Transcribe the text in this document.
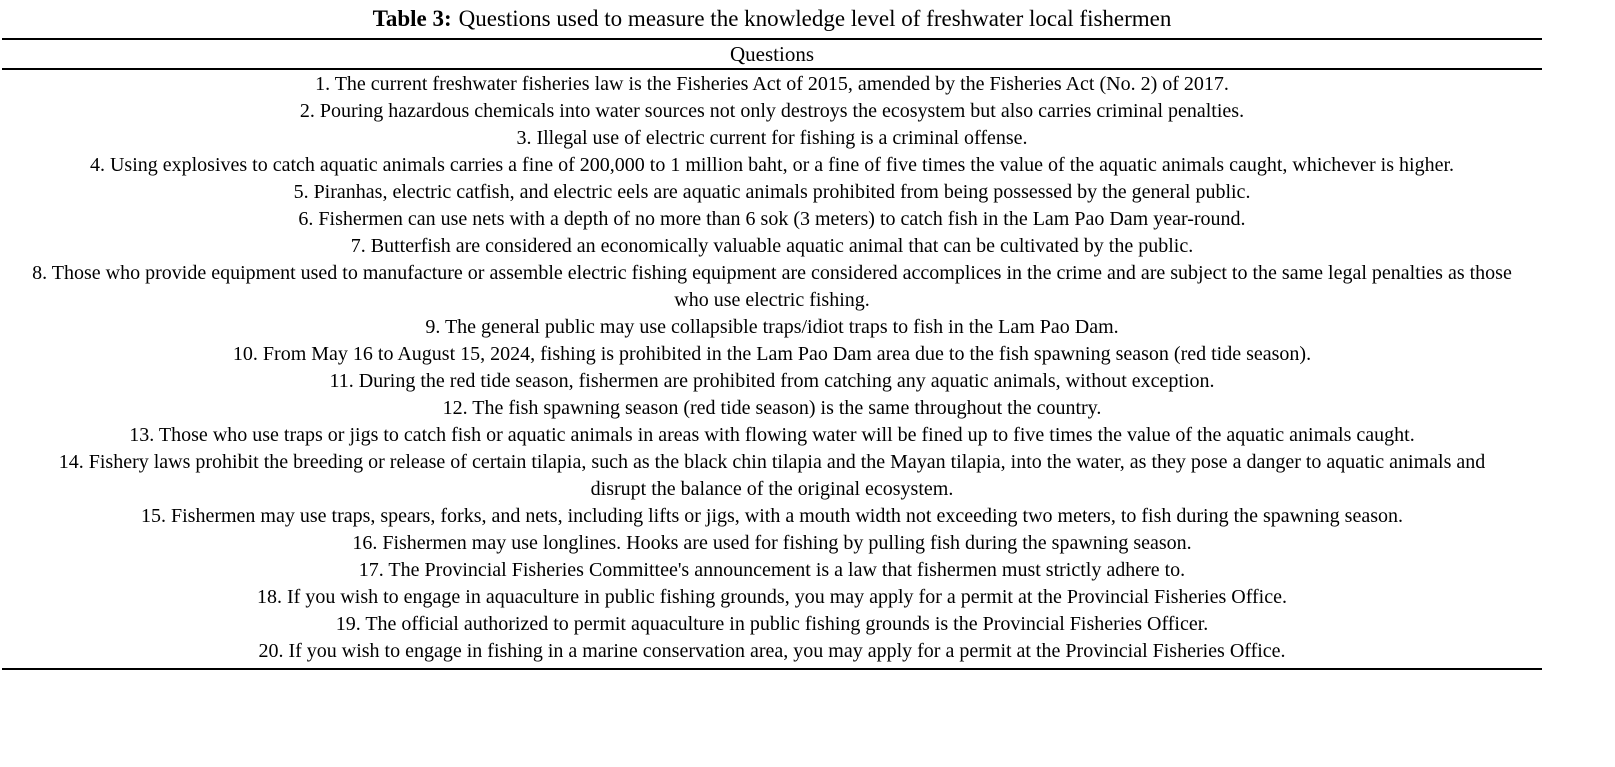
Table 3: Questions used to measure the knowledge level of freshwater local fishermen
Questions
1. The current freshwater fisheries law is the Fisheries Act of 2015, amended by the Fisheries Act (No. 2) of 2017.
2. Pouring hazardous chemicals into water sources not only destroys the ecosystem but also carries criminal penalties.
3. Illegal use of electric current for fishing is a criminal offense.
4. Using explosives to catch aquatic animals carries a fine of 200,000 to 1 million baht, or a fine of five times the value of the aquatic animals caught, whichever is higher.
5. Piranhas, electric catfish, and electric eels are aquatic animals prohibited from being possessed by the general public.
6. Fishermen can use nets with a depth of no more than 6 sok (3 meters) to catch fish in the Lam Pao Dam year-round.
7. Butterfish are considered an economically valuable aquatic animal that can be cultivated by the public.
8. Those who provide equipment used to manufacture or assemble electric fishing equipment are considered accomplices in the crime and are subject to the same legal penalties as those who use electric fishing.
9. The general public may use collapsible traps/idiot traps to fish in the Lam Pao Dam.
10. From May 16 to August 15, 2024, fishing is prohibited in the Lam Pao Dam area due to the fish spawning season (red tide season).
11. During the red tide season, fishermen are prohibited from catching any aquatic animals, without exception.
12. The fish spawning season (red tide season) is the same throughout the country.
13. Those who use traps or jigs to catch fish or aquatic animals in areas with flowing water will be fined up to five times the value of the aquatic animals caught.
14. Fishery laws prohibit the breeding or release of certain tilapia, such as the black chin tilapia and the Mayan tilapia, into the water, as they pose a danger to aquatic animals and disrupt the balance of the original ecosystem.
15. Fishermen may use traps, spears, forks, and nets, including lifts or jigs, with a mouth width not exceeding two meters, to fish during the spawning season.
16. Fishermen may use longlines. Hooks are used for fishing by pulling fish during the spawning season.
17. The Provincial Fisheries Committee's announcement is a law that fishermen must strictly adhere to.
18. If you wish to engage in aquaculture in public fishing grounds, you may apply for a permit at the Provincial Fisheries Office.
19. The official authorized to permit aquaculture in public fishing grounds is the Provincial Fisheries Officer.
20. If you wish to engage in fishing in a marine conservation area, you may apply for a permit at the Provincial Fisheries Office.
